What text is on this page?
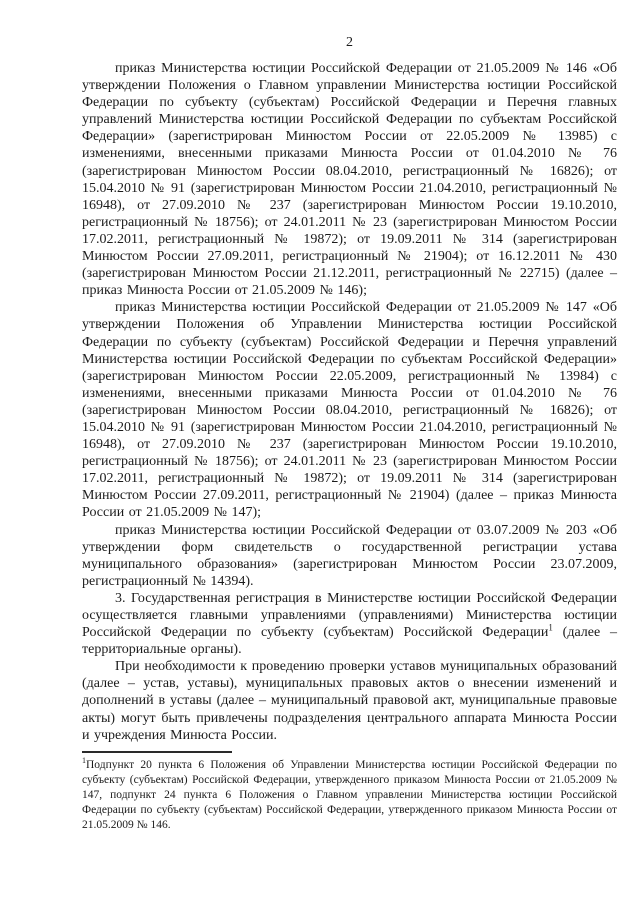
2

приказ Министерства юстиции Российской Федерации от 21.05.2009 № 146 «Об утверждении Положения о Главном управлении Министерства юстиции Российской Федерации по субъекту (субъектам) Российской Федерации и Перечня главных управлений Министерства юстиции Российской Федерации по субъектам Российской Федерации» (зарегистрирован Минюстом России от 22.05.2009 № 13985) с изменениями, внесенными приказами Минюста России от 01.04.2010 № 76 (зарегистрирован Минюстом России 08.04.2010, регистрационный № 16826); от 15.04.2010 № 91 (зарегистрирован Минюстом России 21.04.2010, регистрационный № 16948), от 27.09.2010 № 237 (зарегистрирован Минюстом России 19.10.2010, регистрационный № 18756); от 24.01.2011 № 23 (зарегистрирован Минюстом России 17.02.2011, регистрационный № 19872); от 19.09.2011 № 314 (зарегистрирован Минюстом России 27.09.2011, регистрационный № 21904); от 16.12.2011 № 430 (зарегистрирован Минюстом России 21.12.2011, регистрационный № 22715) (далее – приказ Минюста России от 21.05.2009 № 146);

приказ Министерства юстиции Российской Федерации от 21.05.2009 № 147 «Об утверждении Положения об Управлении Министерства юстиции Российской Федерации по субъекту (субъектам) Российской Федерации и Перечня управлений Министерства юстиции Российской Федерации по субъектам Российской Федерации» (зарегистрирован Минюстом России 22.05.2009, регистрационный № 13984) с изменениями, внесенными приказами Минюста России от 01.04.2010 № 76 (зарегистрирован Минюстом России 08.04.2010, регистрационный № 16826); от 15.04.2010 № 91 (зарегистрирован Минюстом России 21.04.2010, регистрационный № 16948), от 27.09.2010 № 237 (зарегистрирован Минюстом России 19.10.2010, регистрационный № 18756); от 24.01.2011 № 23 (зарегистрирован Минюстом России 17.02.2011, регистрационный № 19872); от 19.09.2011 № 314 (зарегистрирован Минюстом России 27.09.2011, регистрационный № 21904) (далее – приказ Минюста России от 21.05.2009 № 147);

приказ Министерства юстиции Российской Федерации от 03.07.2009 № 203 «Об утверждении форм свидетельств о государственной регистрации устава муниципального образования» (зарегистрирован Минюстом России 23.07.2009, регистрационный № 14394).

3. Государственная регистрация в Министерстве юстиции Российской Федерации осуществляется главными управлениями (управлениями) Министерства юстиции Российской Федерации по субъекту (субъектам) Российской Федерации$^1$ (далее – территориальные органы).

При необходимости к проведению проверки уставов муниципальных образований (далее – устав, уставы), муниципальных правовых актов о внесении изменений и дополнений в уставы (далее – муниципальный правовой акт, муниципальные правовые акты) могут быть привлечены подразделения центрального аппарата Минюста России и учреждения Минюста России.

$^1$Подпункт 20 пункта 6 Положения об Управлении Министерства юстиции Российской Федерации по субъекту (субъектам) Российской Федерации, утвержденного приказом Минюста России от 21.05.2009 № 147, подпункт 24 пункта 6 Положения о Главном управлении Министерства юстиции Российской Федерации по субъекту (субъектам) Российской Федерации, утвержденного приказом Минюста России от 21.05.2009 № 146.
